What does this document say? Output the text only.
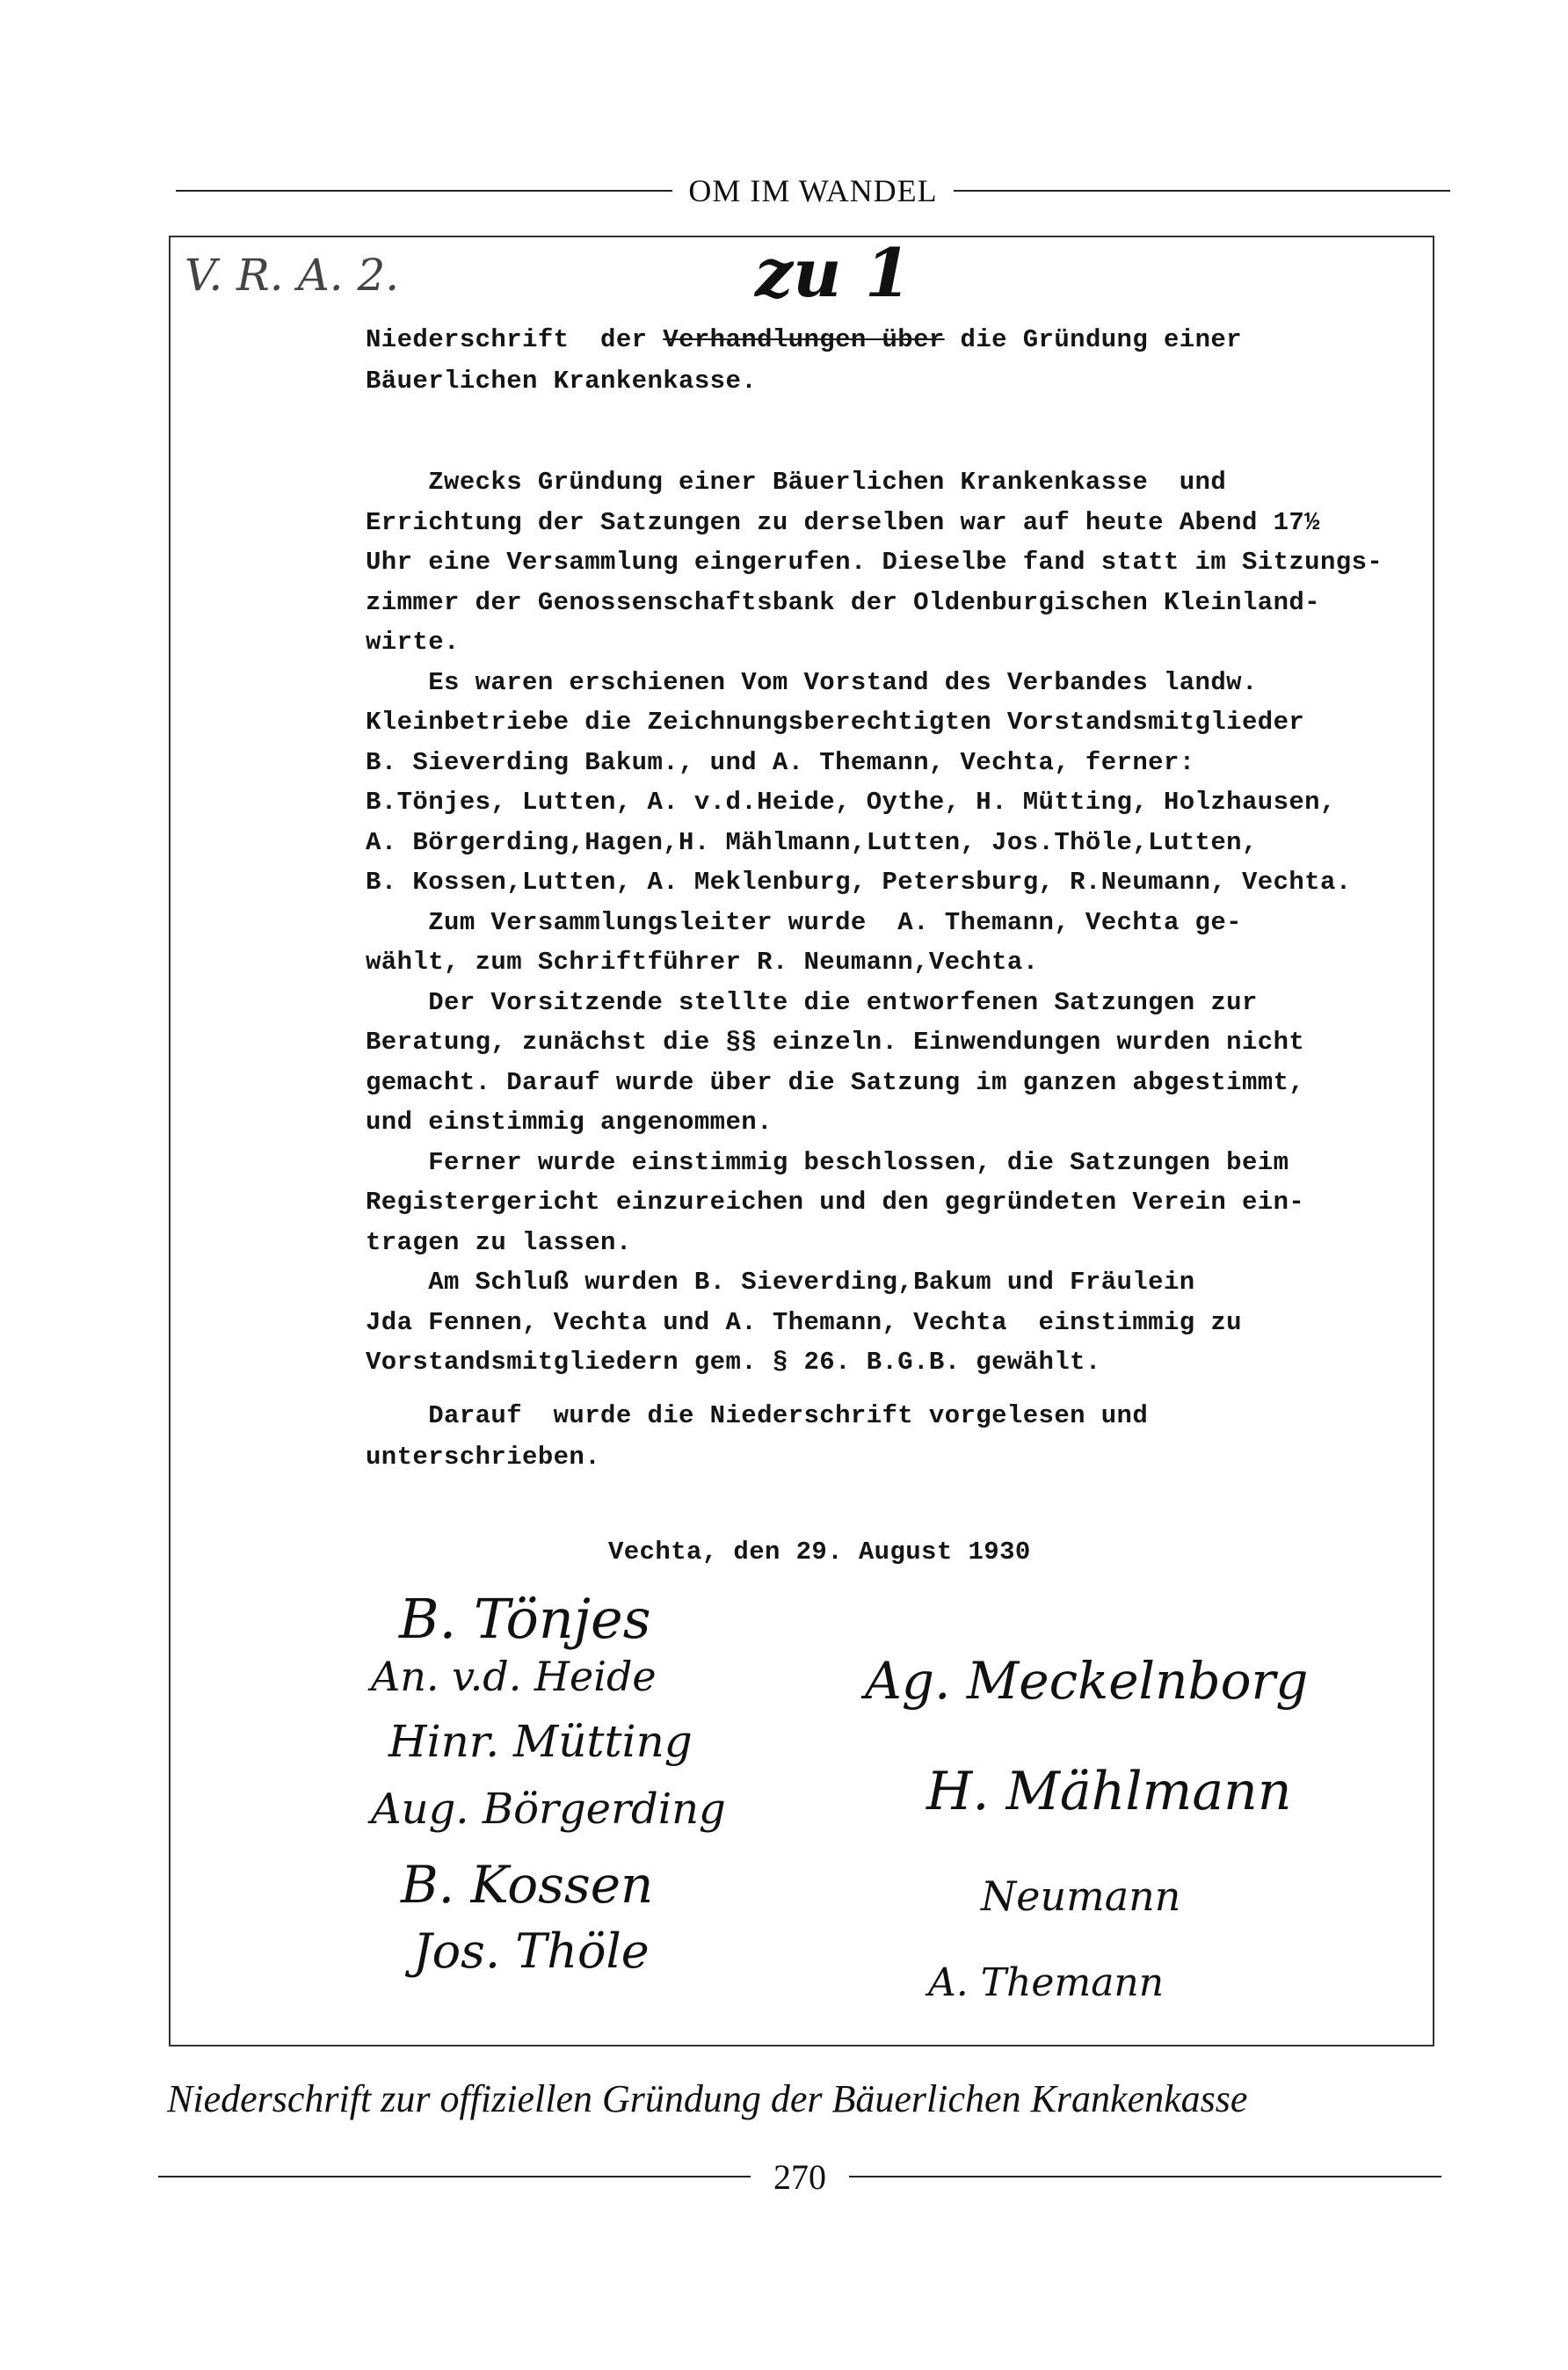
OM IM WANDEL
V. R. A. 2.	zu 1
Niederschrift  der Verhandlungen über die Gründung einer
Bäuerlichen Krankenkasse.
Zwecks Gründung einer Bäuerlichen Krankenkasse  und
Errichtung der Satzungen zu derselben war auf heute Abend 17½
Uhr eine Versammlung eingerufen. Dieselbe fand statt im Sitzungs-
zimmer der Genossenschaftsbank der Oldenburgischen Kleinland-
wirte.
Es waren erschienen Vom Vorstand des Verbandes landw.
Kleinbetriebe die Zeichnungsberechtigten Vorstandsmitglieder
B. Sieverding Bakum., und A. Themann, Vechta, ferner:
B.Tönjes, Lutten, A. v.d.Heide, Oythe, H. Mütting, Holzhausen,
A. Börgerding,Hagen,H. Mählmann,Lutten, Jos.Thöle,Lutten,
B. Kossen,Lutten, A. Meklenburg, Petersburg, R.Neumann, Vechta.
Zum Versammlungsleiter wurde  A. Themann, Vechta ge-
wählt, zum Schriftführer R. Neumann,Vechta.
Der Vorsitzende stellte die entworfenen Satzungen zur
Beratung, zunächst die §§ einzeln. Einwendungen wurden nicht
gemacht. Darauf wurde über die Satzung im ganzen abgestimmt,
und einstimmig angenommen.
Ferner wurde einstimmig beschlossen, die Satzungen beim
Registergericht einzureichen und den gegründeten Verein ein-
tragen zu lassen.
Am Schluß wurden B. Sieverding,Bakum und Fräulein
Jda Fennen, Vechta und A. Themann, Vechta  einstimmig zu
Vorstandsmitgliedern gem. § 26. B.G.B. gewählt.
Darauf  wurde die Niederschrift vorgelesen und
unterschrieben.
Vechta, den 29. August 1930
B. Tönjes
An. v.d. Heide
Hinr. Mütting
Aug. Börgerding
B. Kossen
Jos. Thöle
Ag. Meckelnborg
H. Mählmann
Neumann
A. Themann
Niederschrift zur offiziellen Gründung der Bäuerlichen Krankenkasse
270
